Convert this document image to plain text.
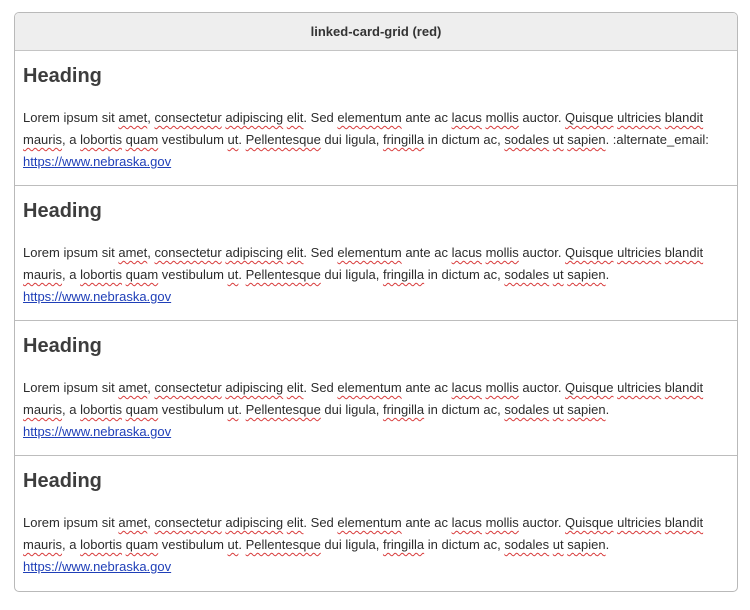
linked-card-grid (red)
Heading

Lorem ipsum sit amet, consectetur adipiscing elit. Sed elementum ante ac lacus mollis auctor. Quisque ultricies blandit mauris, a lobortis quam vestibulum ut. Pellentesque dui ligula, fringilla in dictum ac, sodales ut sapien. :alternate_email:

https://www.nebraska.gov
Heading

Lorem ipsum sit amet, consectetur adipiscing elit. Sed elementum ante ac lacus mollis auctor. Quisque ultricies blandit mauris, a lobortis quam vestibulum ut. Pellentesque dui ligula, fringilla in dictum ac, sodales ut sapien.

https://www.nebraska.gov
Heading

Lorem ipsum sit amet, consectetur adipiscing elit. Sed elementum ante ac lacus mollis auctor. Quisque ultricies blandit mauris, a lobortis quam vestibulum ut. Pellentesque dui ligula, fringilla in dictum ac, sodales ut sapien.

https://www.nebraska.gov
Heading

Lorem ipsum sit amet, consectetur adipiscing elit. Sed elementum ante ac lacus mollis auctor. Quisque ultricies blandit mauris, a lobortis quam vestibulum ut. Pellentesque dui ligula, fringilla in dictum ac, sodales ut sapien.

https://www.nebraska.gov
